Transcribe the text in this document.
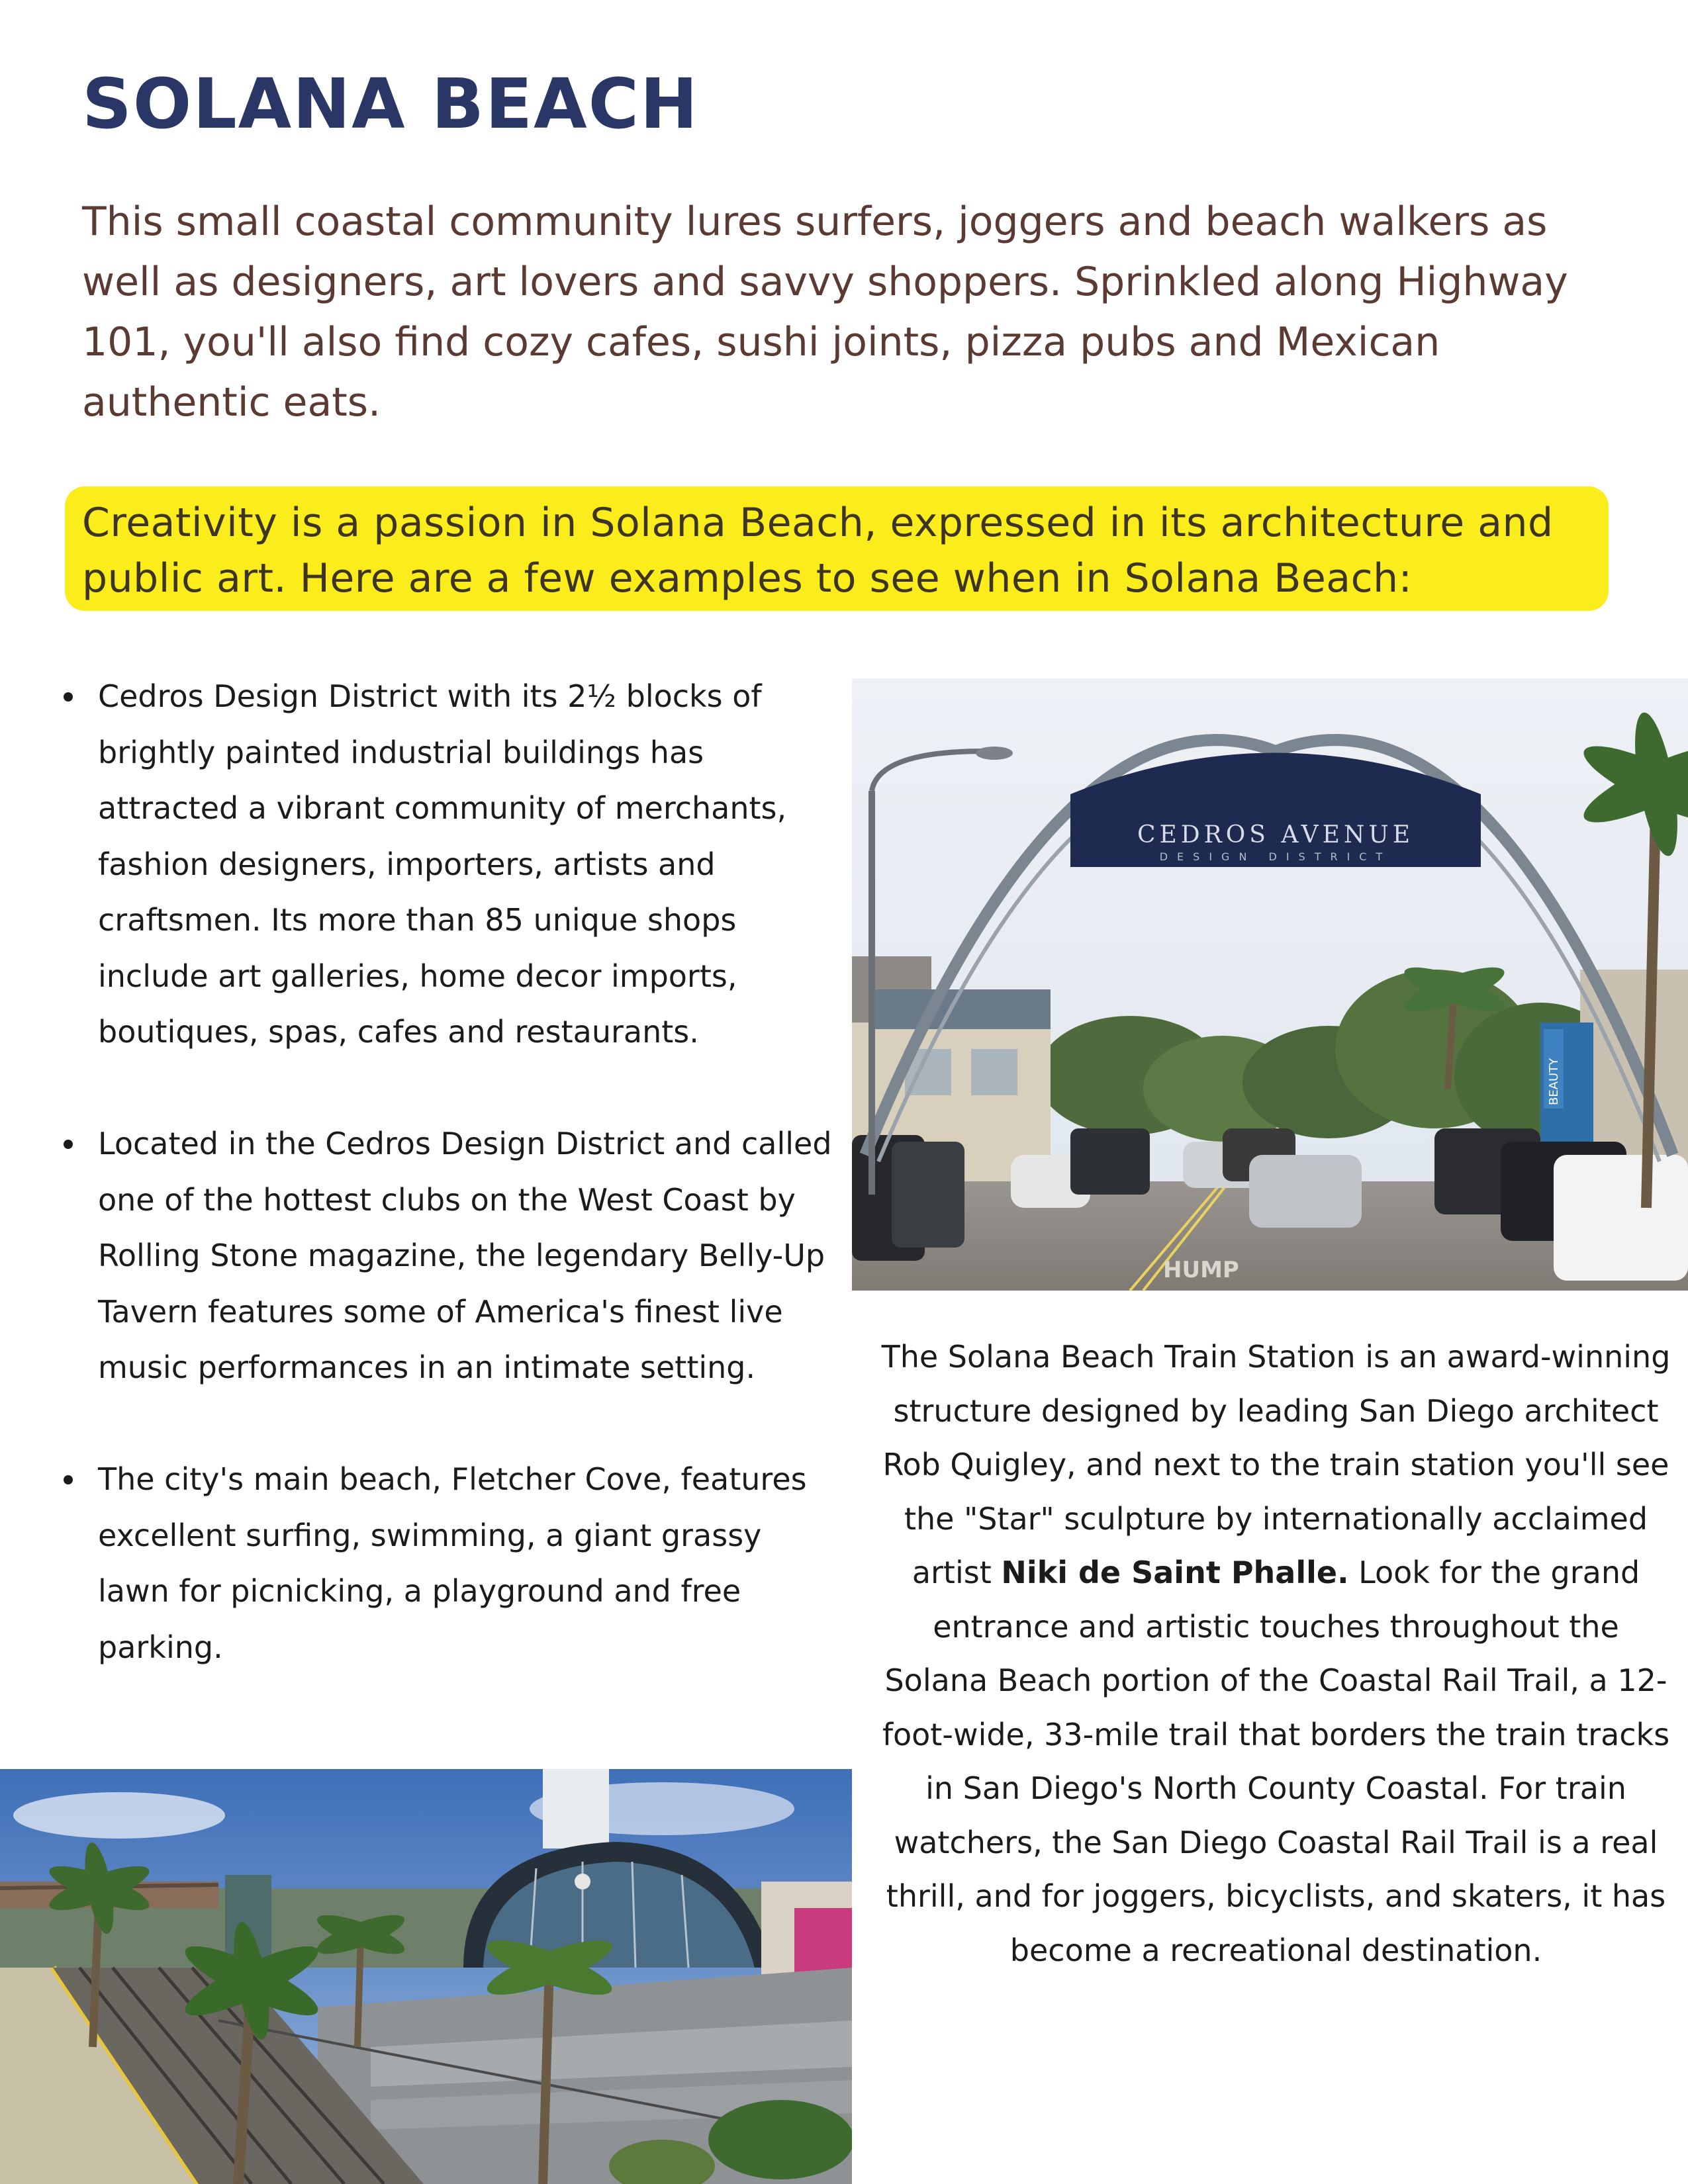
SOLANA BEACH

This small coastal community lures surfers, joggers and beach walkers as well as designers, art lovers and savvy shoppers. Sprinkled along Highway 101, you'll also find cozy cafes, sushi joints, pizza pubs and Mexican authentic eats.

Creativity is a passion in Solana Beach, expressed in its architecture and public art. Here are a few examples to see when in Solana Beach:

Cedros Design District with its 2½ blocks of brightly painted industrial buildings has attracted a vibrant community of merchants, fashion designers, importers, artists and craftsmen. Its more than 85 unique shops include art galleries, home decor imports, boutiques, spas, cafes and restaurants.
Located in the Cedros Design District and called one of the hottest clubs on the West Coast by Rolling Stone magazine, the legendary Belly-Up Tavern features some of America's finest live music performances in an intimate setting.
The city's main beach, Fletcher Cove, features excellent surfing, swimming, a giant grassy lawn for picnicking, a playground and free parking.
HUMP
CEDROS AVENUE
DESIGN DISTRICT
BEAUTY

The Solana Beach Train Station is an award-winning structure designed by leading San Diego architect Rob Quigley, and next to the train station you'll see the "Star" sculpture by internationally acclaimed artist Niki de Saint Phalle. Look for the grand entrance and artistic touches throughout the Solana Beach portion of the Coastal Rail Trail, a 12-foot-wide, 33-mile trail that borders the train tracks in San Diego's North County Coastal. For train watchers, the San Diego Coastal Rail Trail is a real thrill, and for joggers, bicyclists, and skaters, it has become a recreational destination.
